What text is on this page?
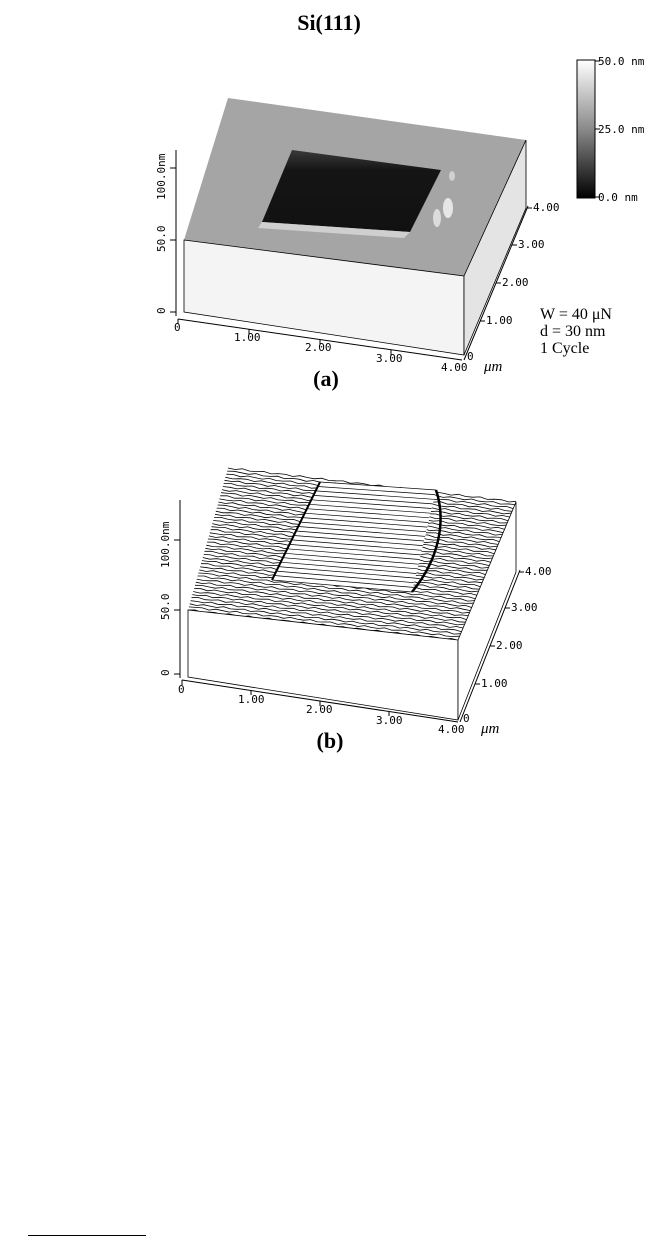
Si(111)
0
50.0
100.0nm
0
1.00
2.00
3.00
4.00 μm
0
1.00
2.00
3.00
4.00
50.0 nm
25.0 nm
0.0 nm
W = 40 μN
d = 30 nm
1 Cycle
(a)
0
50.0
100.0nm
0
1.00
2.00
3.00
4.00 μm
0
1.00
2.00
3.00
4.00
(b)
